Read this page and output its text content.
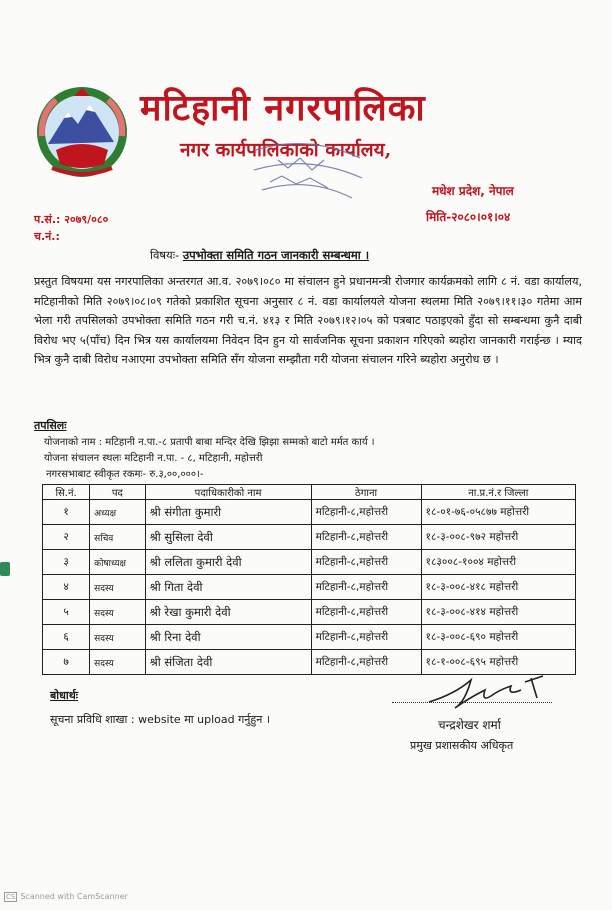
मटिहानी नगरपालिका
नगर कार्यपालिकाको कार्यालय,
मधेश प्रदेश, नेपाल
मिति-२०८०।०१।०४
प.सं.: २०७९/०८०
च.नं.:
विषयः- उपभोक्ता समिति गठन जानकारी सम्बन्धमा ।
प्रस्तुत विषयमा यस नगरपालिका अन्तरगत आ.व. २०७९।०८० मा संचालन हुने प्रधानमन्त्री रोजगार कार्यक्रमको लागि ८ नं. वडा कार्यालय, मटिहानीको मिति २०७९।०८।०९ गतेको प्रकाशित सूचना अनुसार ८ नं. वडा कार्यालयले योजना स्थलमा मिति २०७९।११।३० गतेमा आम भेला गरी तपसिलको उपभोक्ता समिति गठन गरी च.नं. ४१३ र मिति २०७९।१२।०५ को पत्रबाट पठाइएको हुँदा सो सम्बन्धमा कुनै दाबी विरोध भए ५(पाँच) दिन भित्र यस कार्यालयमा निवेदन दिन हुन यो सार्वजनिक सूचना प्रकाशन गरिएको ब्यहोरा जानकारी गराईन्छ । म्याद भित्र कुनै दाबी विरोध नआएमा उपभोक्ता समिति सँग योजना सम्झौता गरी योजना संचालन गरिने ब्यहोरा अनुरोध छ ।
तपसिलः
योजनाको नाम : मटिहानी न.पा.-८ प्रतापी बाबा मन्दिर देखि झिझा सम्मको बाटो मर्मत कार्य ।
योजना संचालन स्थलः मटिहानी न.पा. - ८, मटिहानी, महोत्तरी
नगरसभाबाट स्वीकृत रकमः- रु.३,००,०००।-
सि.नं.	पद	पदाधिकारीको नाम	ठेगाना	ना.प्र.नं.र जिल्ला
१	अध्यक्ष	श्री संगीता कुमारी	मटिहानी-८,महोत्तरी	१८-०१-७६-०५८७७ महोत्तरी
२	सचिव	श्री सुसिला देवी	मटिहानी-८,महोत्तरी	१८-३-००८-९७२ महोत्तरी
३	कोषाध्यक्ष	श्री ललिता कुमारी देवी	मटिहानी-८,महोत्तरी	१८३००८-१००४ महोत्तरी
४	सदस्य	श्री गिता देवी	मटिहानी-८,महोत्तरी	१८-३-००८-४१८ महोत्तरी
५	सदस्य	श्री रेखा कुमारी देवी	मटिहानी-८,महोत्तरी	१८-३-००८-४१४ महोत्तरी
६	सदस्य	श्री रिना देवी	मटिहानी-८,महोत्तरी	१८-३-००८-६९० महोत्तरी
७	सदस्य	श्री संजिता देवी	मटिहानी-८,महोत्तरी	१८-१-००८-६९५ महोत्तरी
बोधार्थः
सूचना प्रविधि शाखा : website मा upload गर्नुहुन ।	चन्द्रशेखर शर्मा
प्रमुख प्रशासकीय अधिकृत
CS Scanned with CamScanner
